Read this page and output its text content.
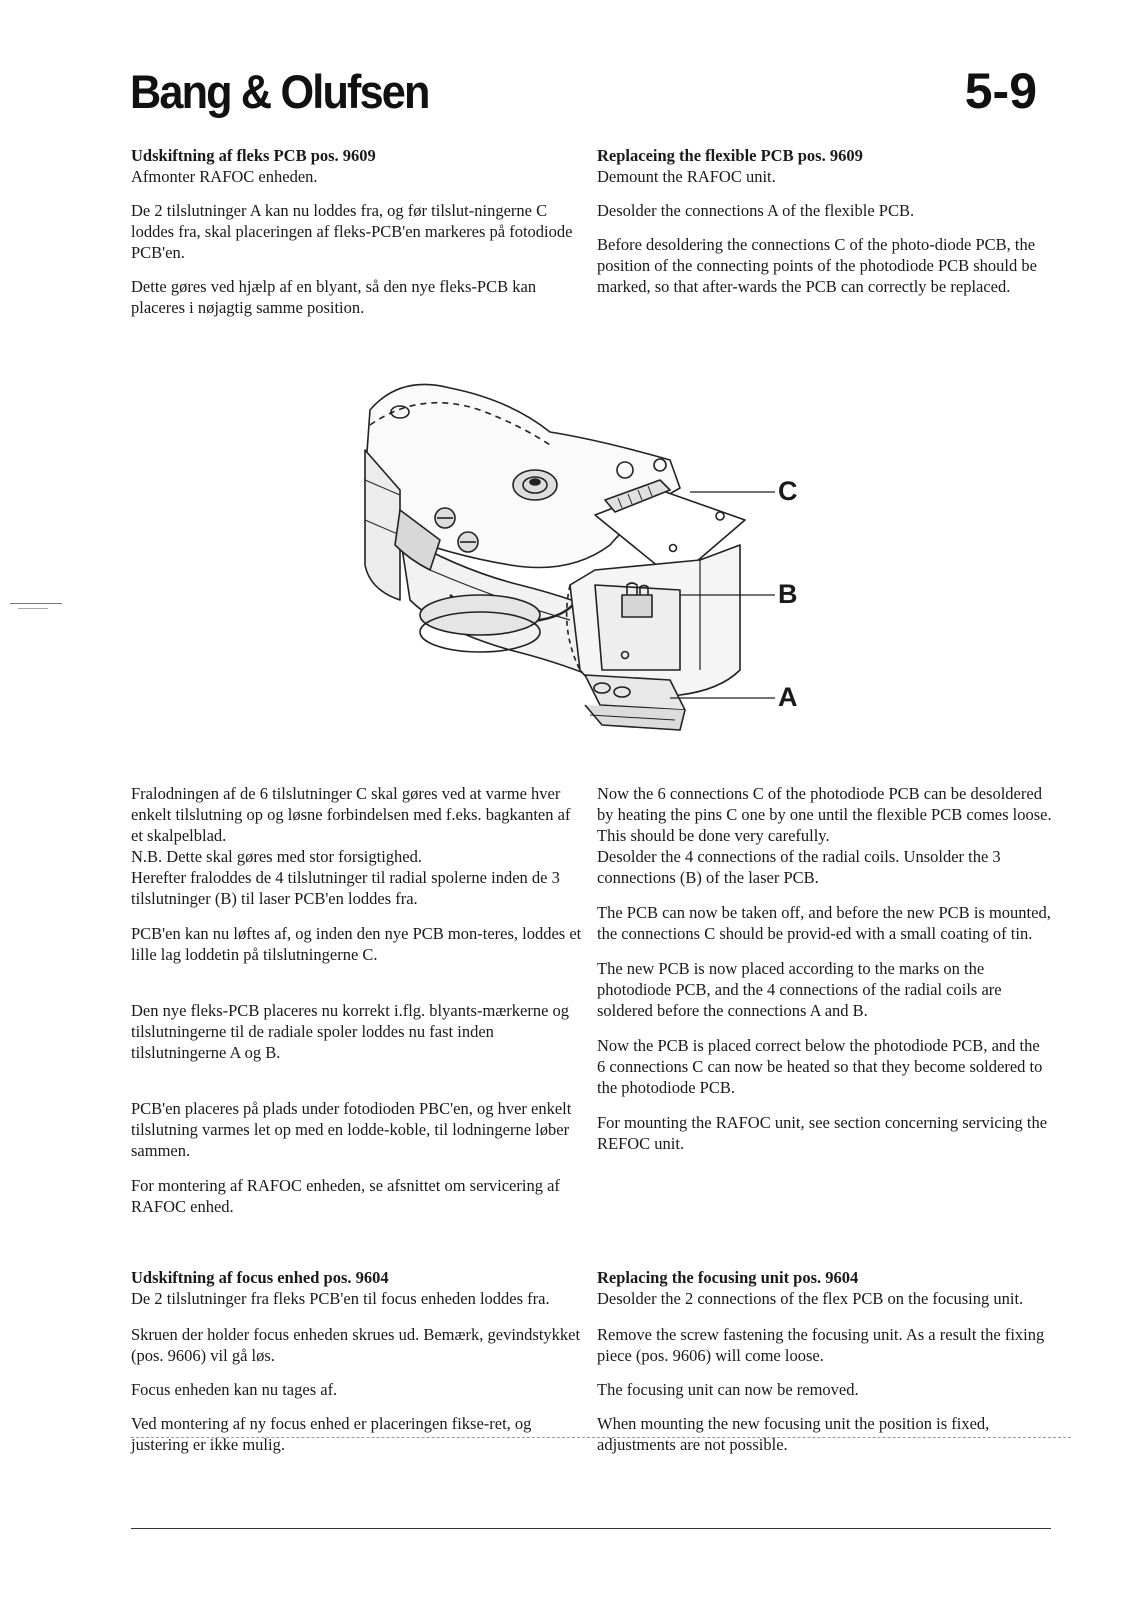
Bang & Olufsen	5-9

Udskiftning af fleks PCB pos. 9609

Afmonter RAFOC enheden.

De 2 tilslutninger A kan nu loddes fra, og før tilslut-ningerne C loddes fra, skal placeringen af fleks-PCB'en markeres på fotodiode PCB'en.

Dette gøres ved hjælp af en blyant, så den nye fleks-PCB kan placeres i nøjagtig samme position.

Replaceing the flexible PCB pos. 9609

Demount the RAFOC unit.

Desolder the connections A of the flexible PCB.

Before desoldering the connections C of the photo-diode PCB, the position of the connecting points of the photodiode PCB should be marked, so that after-wards the PCB can correctly be replaced.

C
B
A

Fralodningen af de 6 tilslutninger C skal gøres ved at varme hver enkelt tilslutning op og løsne forbindelsen med f.eks. bagkanten af et skalpelblad.

N.B. Dette skal gøres med stor forsigtighed.

Herefter fraloddes de 4 tilslutninger til radial spolerne inden de 3 tilslutninger (B) til laser PCB'en loddes fra.

PCB'en kan nu løftes af, og inden den nye PCB mon-teres, loddes et lille lag loddetin på tilslutningerne C.

Den nye fleks-PCB placeres nu korrekt i.flg. blyants-mærkerne og tilslutningerne til de radiale spoler loddes nu fast inden tilslutningerne A og B.

PCB'en placeres på plads under fotodioden PBC'en, og hver enkelt tilslutning varmes let op med en lodde-koble, til lodningerne løber sammen.

For montering af RAFOC enheden, se afsnittet om servicering af RAFOC enhed.

Now the 6 connections C of the photodiode PCB can be desoldered by heating the pins C one by one until the flexible PCB comes loose.

This should be done very carefully.

Desolder the 4 connections of the radial coils. Unsolder the 3 connections (B) of the laser PCB.

The PCB can now be taken off, and before the new PCB is mounted, the connections C should be provid-ed with a small coating of tin.

The new PCB is now placed according to the marks on the photodiode PCB, and the 4 connections of the radial coils are soldered before the connections A and B.

Now the PCB is placed correct below the photodiode PCB, and the 6 connections C can now be heated so that they become soldered to the photodiode PCB.

For mounting the RAFOC unit, see section concerning servicing the REFOC unit.

Udskiftning af focus enhed pos. 9604

De 2 tilslutninger fra fleks PCB'en til focus enheden loddes fra.

Skruen der holder focus enheden skrues ud. Bemærk, gevindstykket (pos. 9606) vil gå løs.

Focus enheden kan nu tages af.

Ved montering af ny focus enhed er placeringen fikse-ret, og justering er ikke mulig.

Replacing the focusing unit pos. 9604

Desolder the 2 connections of the flex PCB on the focusing unit.

Remove the screw fastening the focusing unit. As a result the fixing piece (pos. 9606) will come loose.

The focusing unit can now be removed.

When mounting the new focusing unit the position is fixed, adjustments are not possible.
